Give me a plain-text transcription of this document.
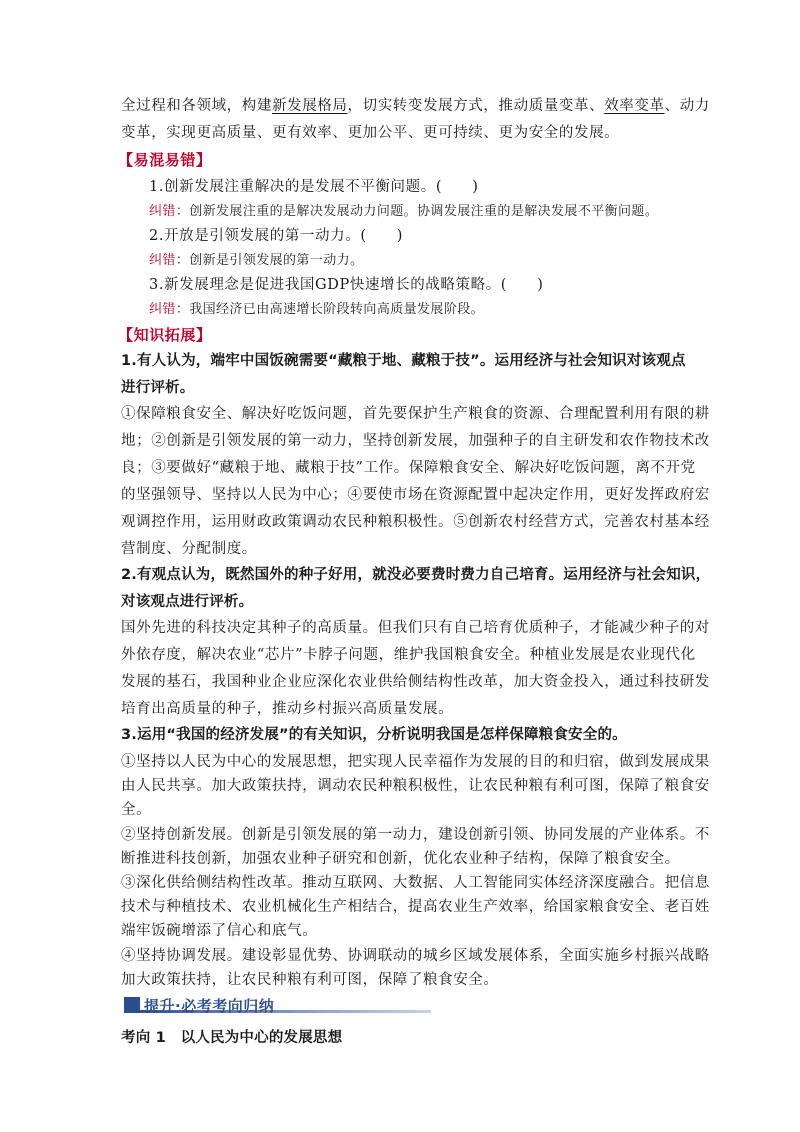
全过程和各领域，构建新发展格局，切实转变发展方式，推动质量变革、效率变革、动力
变革，实现更高质量、更有效率、更加公平、更可持续、更为安全的发展。
【易混易错】
1.创新发展注重解决的是发展不平衡问题。(　　)
纠错：创新发展注重的是解决发展动力问题。协调发展注重的是解决发展不平衡问题。
2.开放是引领发展的第一动力。(　　)
纠错：创新是引领发展的第一动力。
3.新发展理念是促进我国GDP快速增长的战略策略。(　　)
纠错：我国经济已由高速增长阶段转向高质量发展阶段。
【知识拓展】
1.有人认为，端牢中国饭碗需要“藏粮于地、藏粮于技”。运用经济与社会知识对该观点
进行评析。
①保障粮食安全、解决好吃饭问题，首先要保护生产粮食的资源、合理配置利用有限的耕
地；②创新是引领发展的第一动力，坚持创新发展，加强种子的自主研发和农作物技术改
良；③要做好“藏粮于地、藏粮于技”工作。保障粮食安全、解决好吃饭问题，离不开党
的坚强领导、坚持以人民为中心；④要使市场在资源配置中起决定作用，更好发挥政府宏
观调控作用，运用财政政策调动农民种粮积极性。⑤创新农村经营方式，完善农村基本经
营制度、分配制度。
2.有观点认为，既然国外的种子好用，就没必要费时费力自己培育。运用经济与社会知识，
对该观点进行评析。
国外先进的科技决定其种子的高质量。但我们只有自己培育优质种子，才能减少种子的对
外依存度，解决农业“芯片”卡脖子问题，维护我国粮食安全。种植业发展是农业现代化
发展的基石，我国种业企业应深化农业供给侧结构性改革，加大资金投入，通过科技研发
培育出高质量的种子，推动乡村振兴高质量发展。
3.运用“我国的经济发展”的有关知识，分析说明我国是怎样保障粮食安全的。
①坚持以人民为中心的发展思想，把实现人民幸福作为发展的目的和归宿，做到发展成果
由人民共享。加大政策扶持，调动农民种粮积极性，让农民种粮有利可图，保障了粮食安
全。
②坚持创新发展。创新是引领发展的第一动力，建设创新引领、协同发展的产业体系。不
断推进科技创新，加强农业种子研究和创新，优化农业种子结构，保障了粮食安全。
③深化供给侧结构性改革。推动互联网、大数据、人工智能同实体经济深度融合。把信息
技术与种植技术、农业机械化生产相结合，提高农业生产效率，给国家粮食安全、老百姓
端牢饭碗增添了信心和底气。
④坚持协调发展。建设彰显优势、协调联动的城乡区域发展体系，全面实施乡村振兴战略
加大政策扶持，让农民种粮有利可图，保障了粮食安全。
提升·必考考向归纳
考向 1　以人民为中心的发展思想
